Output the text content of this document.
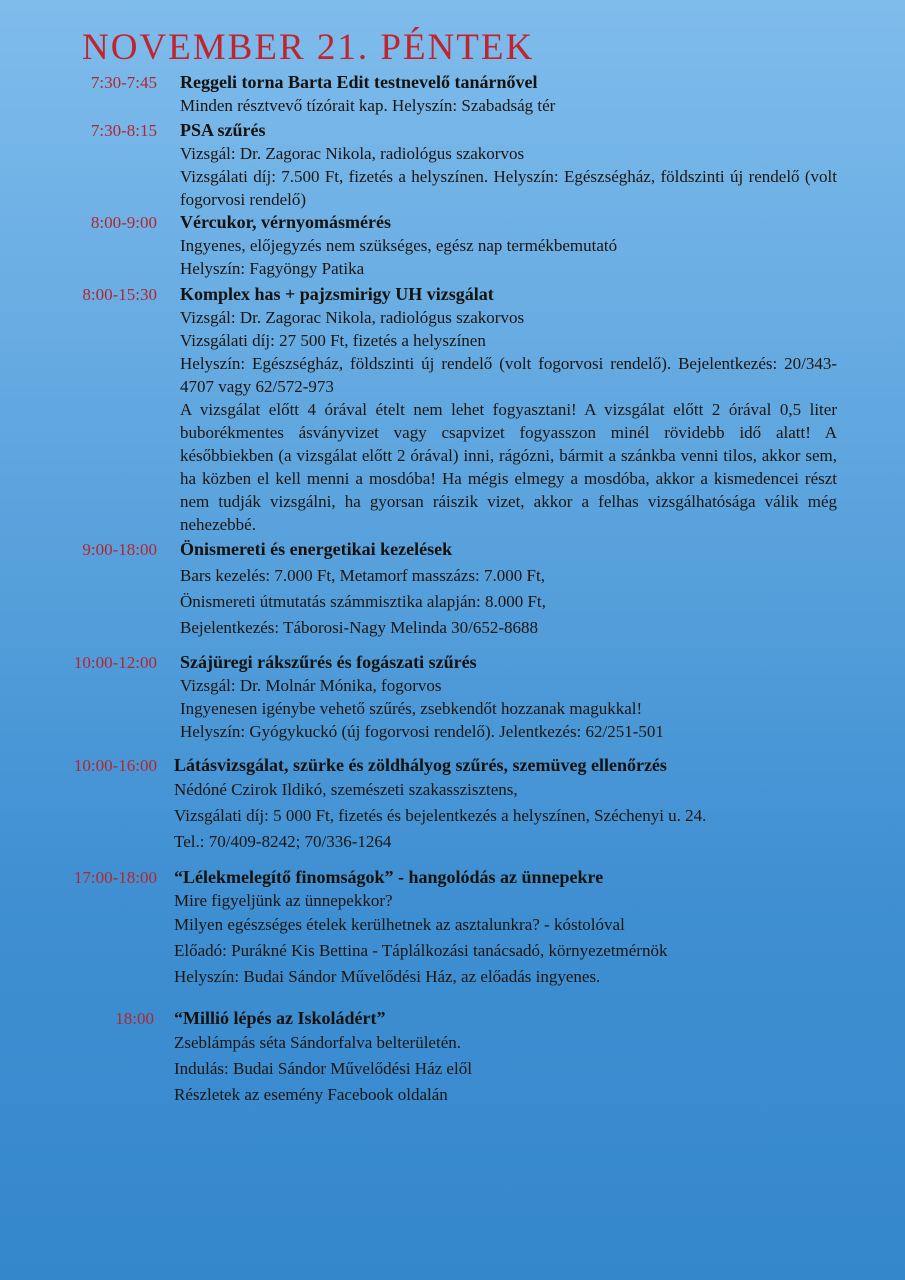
NOVEMBER 21. PÉNTEK
7:30-7:45 Reggeli torna Barta Edit testnevelő tanárnővel
Minden résztvevő tízórait kap. Helyszín: Szabadság tér
7:30-8:15 PSA szűrés
Vizsgál: Dr. Zagorac Nikola, radiológus szakorvos
Vizsgálati díj: 7.500 Ft, fizetés a helyszínen. Helyszín: Egészségház, földszinti új rendelő (volt fogorvosi rendelő)
8:00-9:00 Vércukor, vérnyomásmérés
Ingyenes, előjegyzés nem szükséges, egész nap termékbemutató
Helyszín: Fagyöngy Patika
8:00-15:30 Komplex has + pajzsmirigy UH vizsgálat
Vizsgál: Dr. Zagorac Nikola, radiológus szakorvos
Vizsgálati díj: 27 500 Ft, fizetés a helyszínen
Helyszín: Egészségház, földszinti új rendelő (volt fogorvosi rendelő). Bejelentkezés: 20/343-4707 vagy 62/572-973
A vizsgálat előtt 4 órával ételt nem lehet fogyasztani! A vizsgálat előtt 2 órával 0,5 liter buborékmentes ásványvizet vagy csapvizet fogyasszon minél rövidebb idő alatt! A későbbiekben (a vizsgálat előtt 2 órával) inni, rágózni, bármit a szánkba venni tilos, akkor sem, ha közben el kell menni a mosdóba! Ha mégis elmegy a mosdóba, akkor a kismedencei részt nem tudják vizsgálni, ha gyorsan ráiszik vizet, akkor a felhas vizsgálhatósága válik még nehezebbé.
9:00-18:00 Önismereti és energetikai kezelések
Bars kezelés: 7.000 Ft, Metamorf masszázs: 7.000 Ft,
Önismereti útmutatás számmisztika alapján: 8.000 Ft,
Bejelentkezés: Táborosi-Nagy Melinda 30/652-8688
10:00-12:00 Szájüregi rákszűrés és fogászati szűrés
Vizsgál: Dr. Molnár Mónika, fogorvos
Ingyenesen igénybe vehető szűrés, zsebkendőt hozzanak magukkal!
Helyszín: Gyógykuckó (új fogorvosi rendelő). Jelentkezés: 62/251-501
10:00-16:00 Látásvizsgálat, szürke és zöldhályog szűrés, szemüveg ellenőrzés
Nédóné Czirok Ildikó, szemészeti szakasszisztens,
Vizsgálati díj: 5 000 Ft, fizetés és bejelentkezés a helyszínen, Széchenyi u. 24.
Tel.: 70/409-8242; 70/336-1264
17:00-18:00 “Lélekmelegítő finomságok” - hangolódás az ünnepekre
Mire figyeljünk az ünnepekkor?
Milyen egészséges ételek kerülhetnek az asztalunkra? - kóstolóval
Előadó: Purákné Kis Bettina - Táplálkozási tanácsadó, környezetmérnök
Helyszín: Budai Sándor Művelődési Ház, az előadás ingyenes.
18:00 “Millió lépés az Iskoládért”
Zseblámpás séta Sándorfalva belterületén.
Indulás: Budai Sándor Művelődési Ház elől
Részletek az esemény Facebook oldalán
